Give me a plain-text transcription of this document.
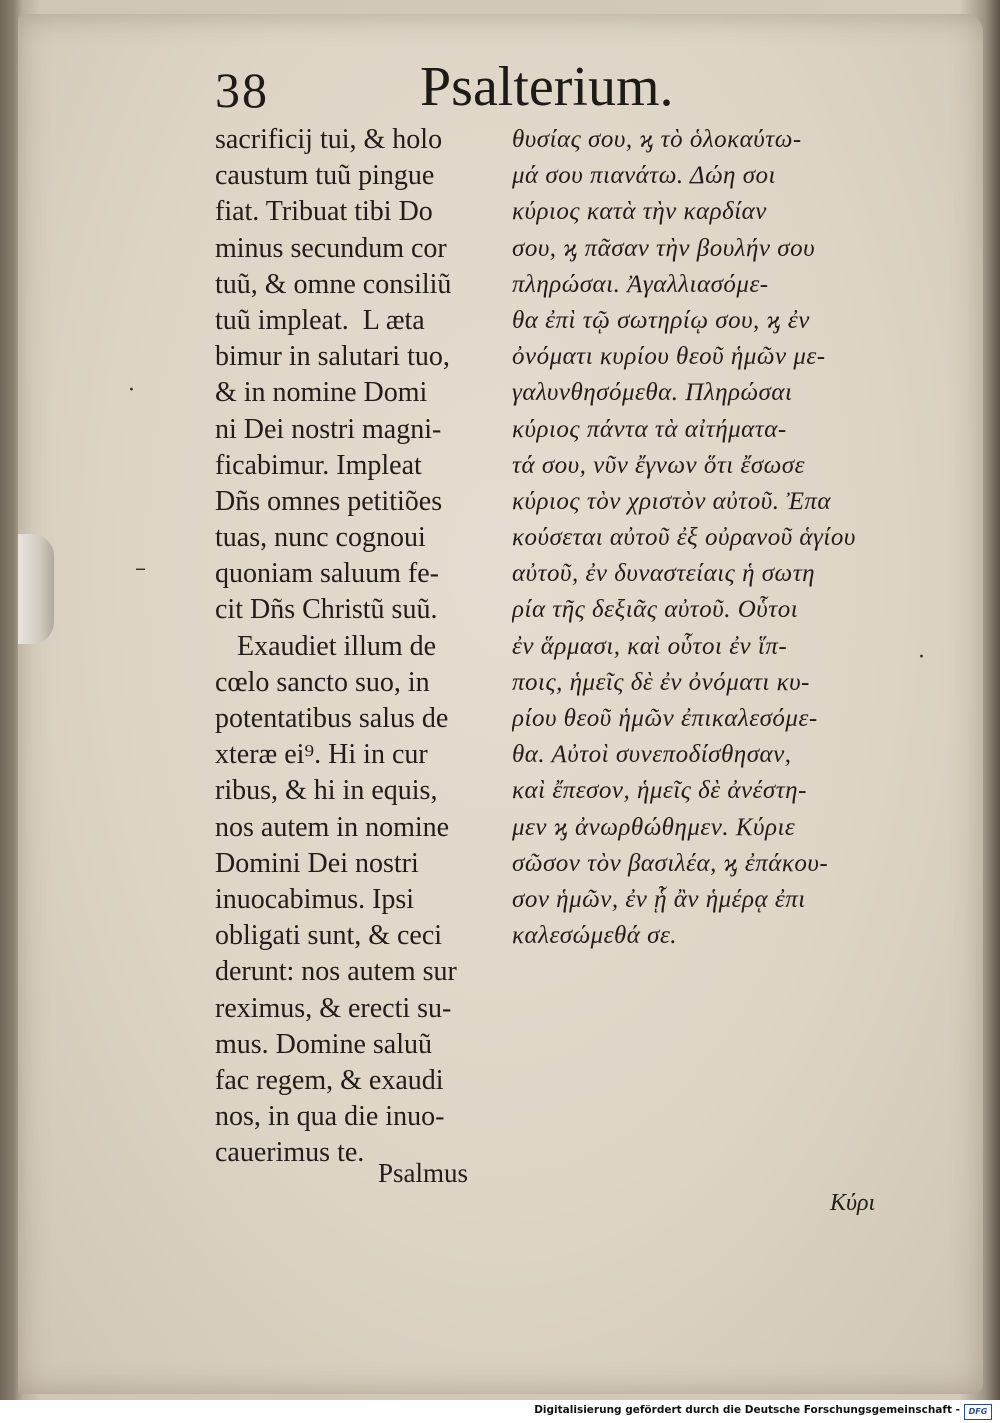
·
–
·
38	Psalterium.
sacrificij tui, & holo
caustum tuũ pingue
fiat. Tribuat tibi Do
minus secundum cor
tuũ, & omne consiliũ
tuũ impleat.  L æta
bimur in salutari tuo,
& in nomine Domi
ni Dei nostri magni-
ficabimur. Impleat
Dñs omnes petitiões
tuas, nunc cognoui
quoniam saluum fe-
cit Dñs Christũ suũ.
Exaudiet illum de
cœlo sancto suo, in
potentatibus salus de
xteræ ei⁹. Hi in cur
ribus, & hi in equis,
nos autem in nomine
Domini Dei nostri
inuocabimus. Ipsi
obligati sunt, & ceci
derunt: nos autem sur
reximus, & erecti su-
mus. Domine saluũ
fac regem, & exaudi
nos, in qua die inuo-
cauerimus te.
Psalmus
θυσίας σου, ϗ τὸ ὁλοκαύτω-
μά σου πιανάτω. Δώη σοι
κύριος κατὰ τὴν καρδίαν
σου, ϗ πᾶσαν τὴν βουλήν σου
πληρώσαι. Ἀγαλλιασόμε-
θα ἐπὶ τῷ σωτηρίῳ σου, ϗ ἐν
ὀνόματι κυρίου θεοῦ ἡμῶν με-
γαλυνθησόμεθα. Πληρώσαι
κύριος πάντα τὰ αἰτήματα-
τά σου, νῦν ἔγνων ὅτι ἔσωσε
κύριος τὸν χριστὸν αὐτοῦ. Ἐπα
κούσεται αὐτοῦ ἐξ οὐρανοῦ ἁγίου
αὐτοῦ, ἐν δυναστείαις ἡ σωτη
ρία τῆς δεξιᾶς αὐτοῦ. Οὗτοι
ἐν ἅρμασι, καὶ οὗτοι ἐν ἵπ-
ποις, ἡμεῖς δὲ ἐν ὀνόματι κυ-
ρίου θεοῦ ἡμῶν ἐπικαλεσόμε-
θα. Αὐτοὶ συνεποδίσθησαν,
καὶ ἔπεσον, ἡμεῖς δὲ ἀνέστη-
μεν ϗ ἀνωρθώθημεν. Κύριε
σῶσον τὸν βασιλέα, ϗ ἐπάκου-
σον ἡμῶν, ἐν ᾗ ἂν ἡμέρᾳ ἐπι
καλεσώμεθά σε.
Κύρι
Digitalisierung gefördert durch die Deutsche Forschungsgemeinschaft -	DFG
